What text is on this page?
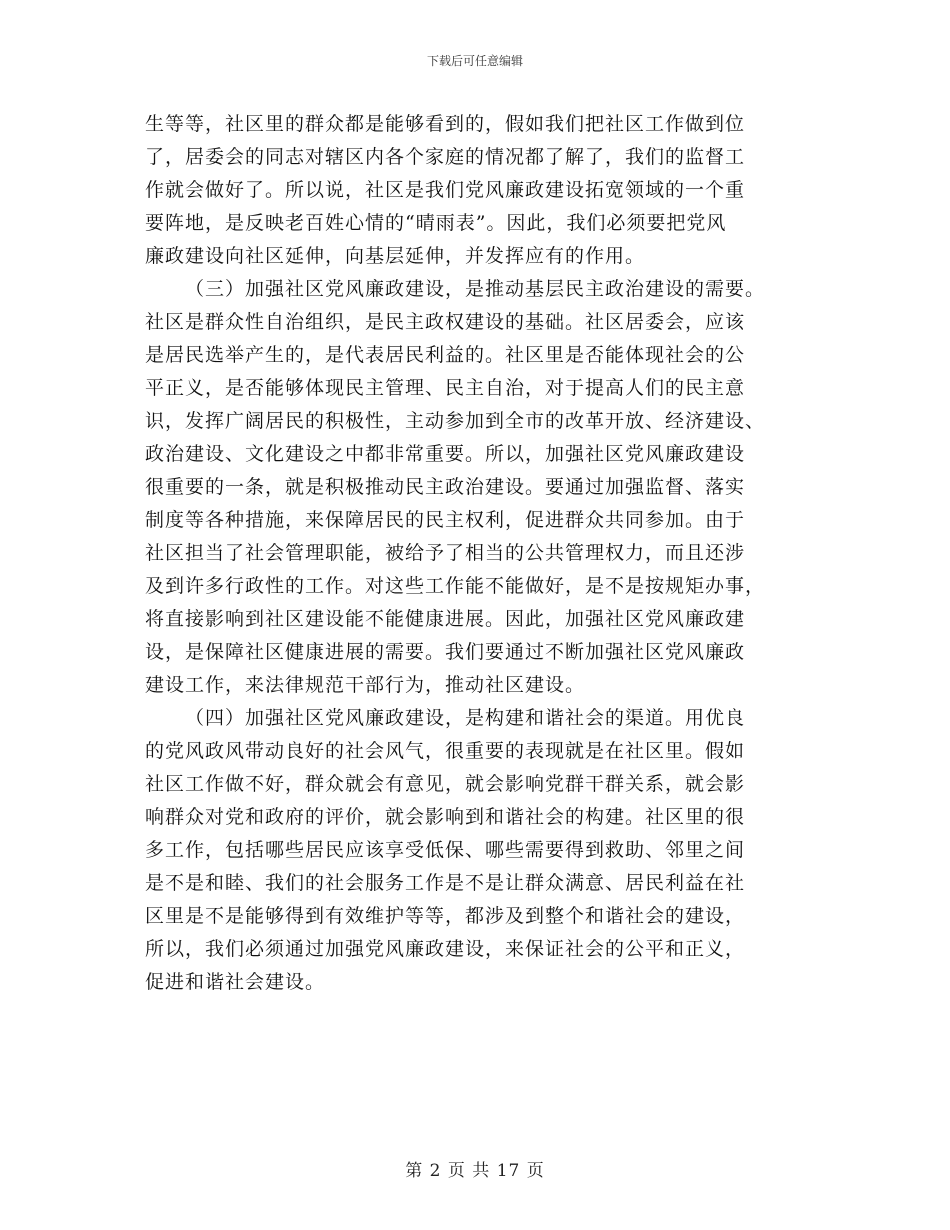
下载后可任意编辑
生等等，社区里的群众都是能够看到的，假如我们把社区工作做到位
了，居委会的同志对辖区内各个家庭的情况都了解了，我们的监督工
作就会做好了。所以说，社区是我们党风廉政建设拓宽领域的一个重
要阵地，是反映老百姓心情的“晴雨表”。因此，我们必须要把党风
廉政建设向社区延伸，向基层延伸，并发挥应有的作用。
（三）加强社区党风廉政建设，是推动基层民主政治建设的需要。
社区是群众性自治组织，是民主政权建设的基础。社区居委会，应该
是居民选举产生的，是代表居民利益的。社区里是否能体现社会的公
平正义，是否能够体现民主管理、民主自治，对于提高人们的民主意
识，发挥广阔居民的积极性，主动参加到全市的改革开放、经济建设、
政治建设、文化建设之中都非常重要。所以，加强社区党风廉政建设
很重要的一条，就是积极推动民主政治建设。要通过加强监督、落实
制度等各种措施，来保障居民的民主权利，促进群众共同参加。由于
社区担当了社会管理职能，被给予了相当的公共管理权力，而且还涉
及到许多行政性的工作。对这些工作能不能做好，是不是按规矩办事，
将直接影响到社区建设能不能健康进展。因此，加强社区党风廉政建
设，是保障社区健康进展的需要。我们要通过不断加强社区党风廉政
建设工作，来法律规范干部行为，推动社区建设。
（四）加强社区党风廉政建设，是构建和谐社会的渠道。用优良
的党风政风带动良好的社会风气，很重要的表现就是在社区里。假如
社区工作做不好，群众就会有意见，就会影响党群干群关系，就会影
响群众对党和政府的评价，就会影响到和谐社会的构建。社区里的很
多工作，包括哪些居民应该享受低保、哪些需要得到救助、邻里之间
是不是和睦、我们的社会服务工作是不是让群众满意、居民利益在社
区里是不是能够得到有效维护等等，都涉及到整个和谐社会的建设，
所以，我们必须通过加强党风廉政建设，来保证社会的公平和正义，
促进和谐社会建设。
第 2 页 共 17 页
